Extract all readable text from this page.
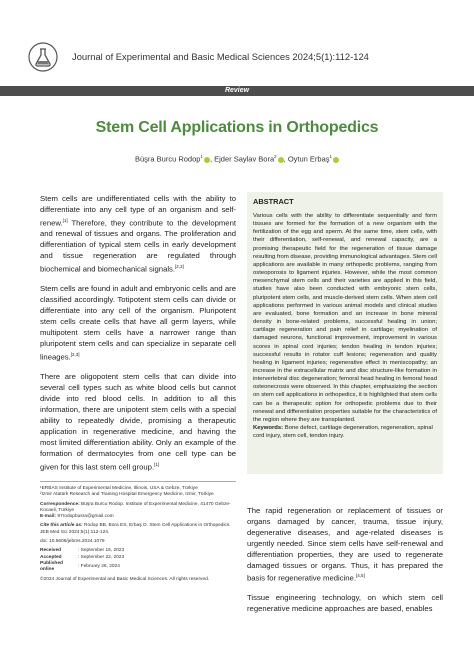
Journal of Experimental and Basic Medical Sciences 2024;5(1):112-124
Review
Stem Cell Applications in Orthopedics
Büşra Burcu Rodop$^1$ , Ejder Saylav Bora$^2$ , Oytun Erbaş$^1$

Stem cells are undifferentiated cells with the ability to differentiate into any cell type of an organism and self-renew.[1] Therefore, they contribute to the development and renewal of tissues and organs. The proliferation and differentiation of typical stem cells in early development and tissue regeneration are regulated through biochemical and biomechanical signals.[2,3]

Stem cells are found in adult and embryonic cells and are classified accordingly. Totipotent stem cells can divide or differentiate into any cell of the organism. Pluripotent stem cells create cells that have all germ layers, while multipotent stem cells have a narrower range than pluripotent stem cells and can specialize in separate cell lineages.[2,3]

There are oligopotent stem cells that can divide into several cell types such as white blood cells but cannot divide into red blood cells. In addition to all this information, there are unipotent stem cells with a special ability to repeatedly divide, promising a therapeutic application in regenerative medicine, and having the most limited differentiation ability. Only an example of the formation of dermatocytes from one cell type can be given for this last stem cell group.[1]

ABSTRACT
Various cells with the ability to differentiate sequentially and form tissues are formed for the formation of a new organism with the fertilization of the egg and sperm. At the same time, stem cells, with their differentiation, self-renewal, and renewal capacity, are a promising therapeutic field for the regeneration of tissue damage resulting from disease, providing immunological advantages. Stem cell applications are available in many orthopedic problems, ranging from osteoporosis to ligament injuries. However, while the most common mesenchymal stem cells and their varieties are applied in this field, studies have also been conducted with embryonic stem cells, pluripotent stem cells, and muscle-derived stem cells. When stem cell applications performed in various animal models and clinical studies are evaluated, bone formation and an increase in bone mineral density in bone-related problems, successful healing in union; cartilage regeneration and pain relief in cartilage; myelination of damaged neurons, functional improvement, improvement in various scores in spinal cord injuries; tendon healing in tendon injuries; successful results in rotator cuff lesions; regeneration and quality healing in ligament injuries; regenerative effect in meniscopathy; an increase in the extracellular matrix and disc structure-like formation in intervertebral disc degeneration; femoral head healing in femoral head osteonecrosis were observed. In this chapter, emphasizing the section on stem cell applications in orthopedics, it is highlighted that stem cells can be a therapeutic option for orthopedic problems due to their renewal and differentiation properties suitable for the characteristics of the region where they are transplanted.
Keywords: Bone defect, cartilage degeneration, regeneration, spinal cord injury, stem cell, tendon injury.
¹ERBAS Institute of Experimental Medicine, Illinois, USA & Gebze, Türkiye
²Izmir Atatürk Research and Training Hospital Emergency Medicine, Izmir, Türkiye
Correspondence: Büşra Burcu Rodop. Institute of Experimental Medicine, 41470 Gebze-Kocaeli, Türkiye
E-mail: 97rodopbusra@gmail.com
Cite this article as: Rodop BB, Bora ES, Erbaş O. Stem Cell Applications in Orthopedics. JEB Med Sci 2024;5(1):112-124.
doi: 10.5606/jebms.2024.1079
Received	: September 15, 2023
Accepted	: September 22, 2023
Published online	: February 26, 2024
©2024 Journal of Experimental and Basic Medical Sciences. All rights reserved.

The rapid regeneration or replacement of tissues or organs damaged by cancer, trauma, tissue injury, degenerative diseases, and age-related diseases is urgently needed. Since stem cells have self-renewal and differentiation properties, they are used to regenerate damaged tissues or organs. Thus, it has prepared the basis for regenerative medicine.[4,5]

Tissue engineering technology, on which stem cell regenerative medicine approaches are based, enables
